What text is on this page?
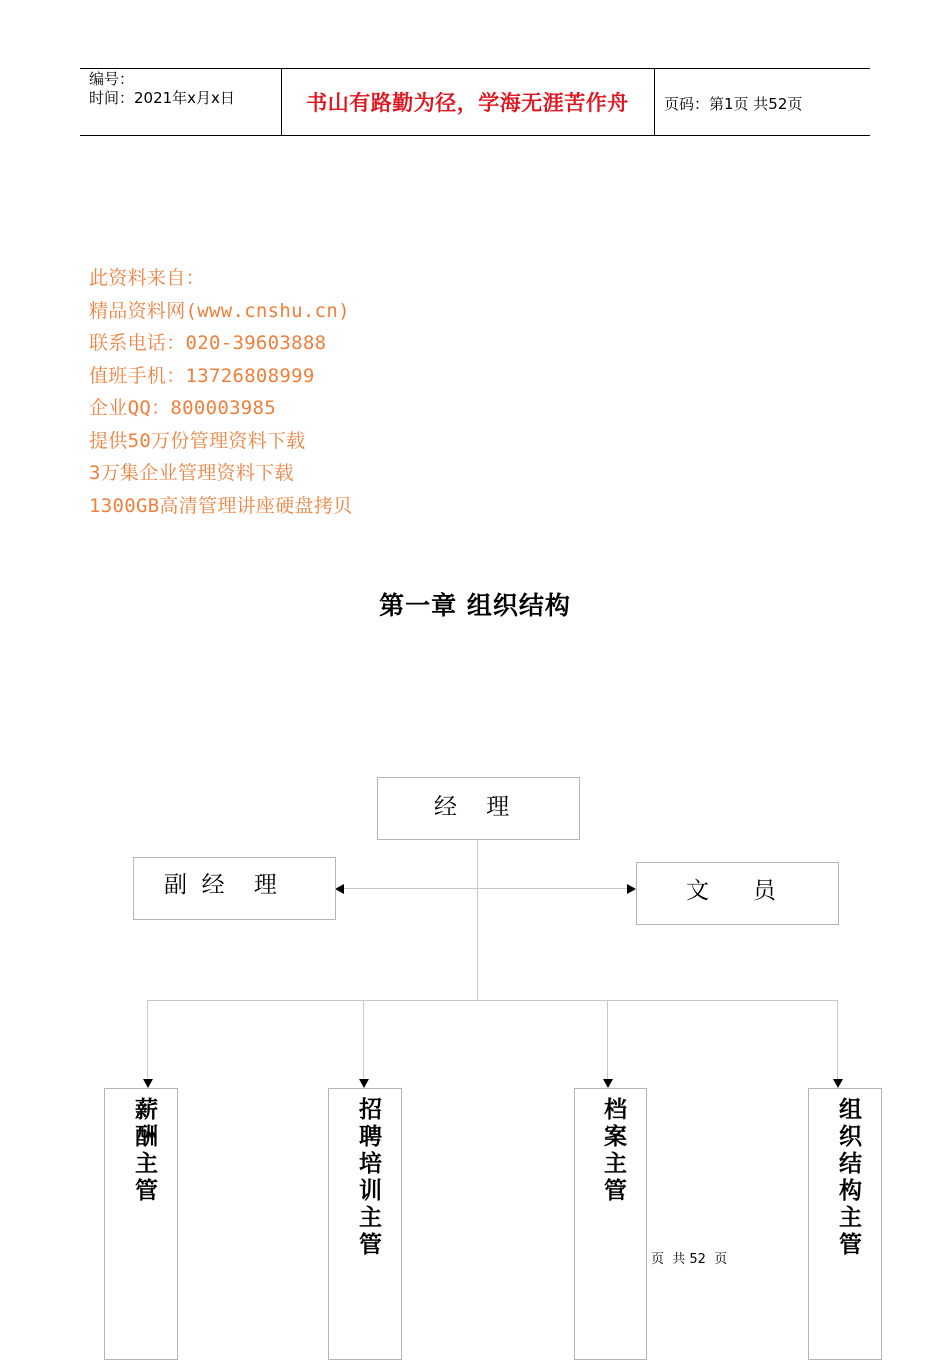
编号：
时间：2021年x月x日	书山有路勤为径，学海无涯苦作舟	页码：第1页 共52页
此资料来自：
精品资料网(www.cnshu.cn)
联系电话：020-39603888
值班手机：13726808999
企业QQ：800003985
提供50万份管理资料下载
3万集企业管理资料下载
1300GB高清管理讲座硬盘拷贝
第一章 组织结构
经    理
副  经    理	文      员
薪酬主管	招聘培训主管	档案主管	组织结构主管
页  共 52  页
